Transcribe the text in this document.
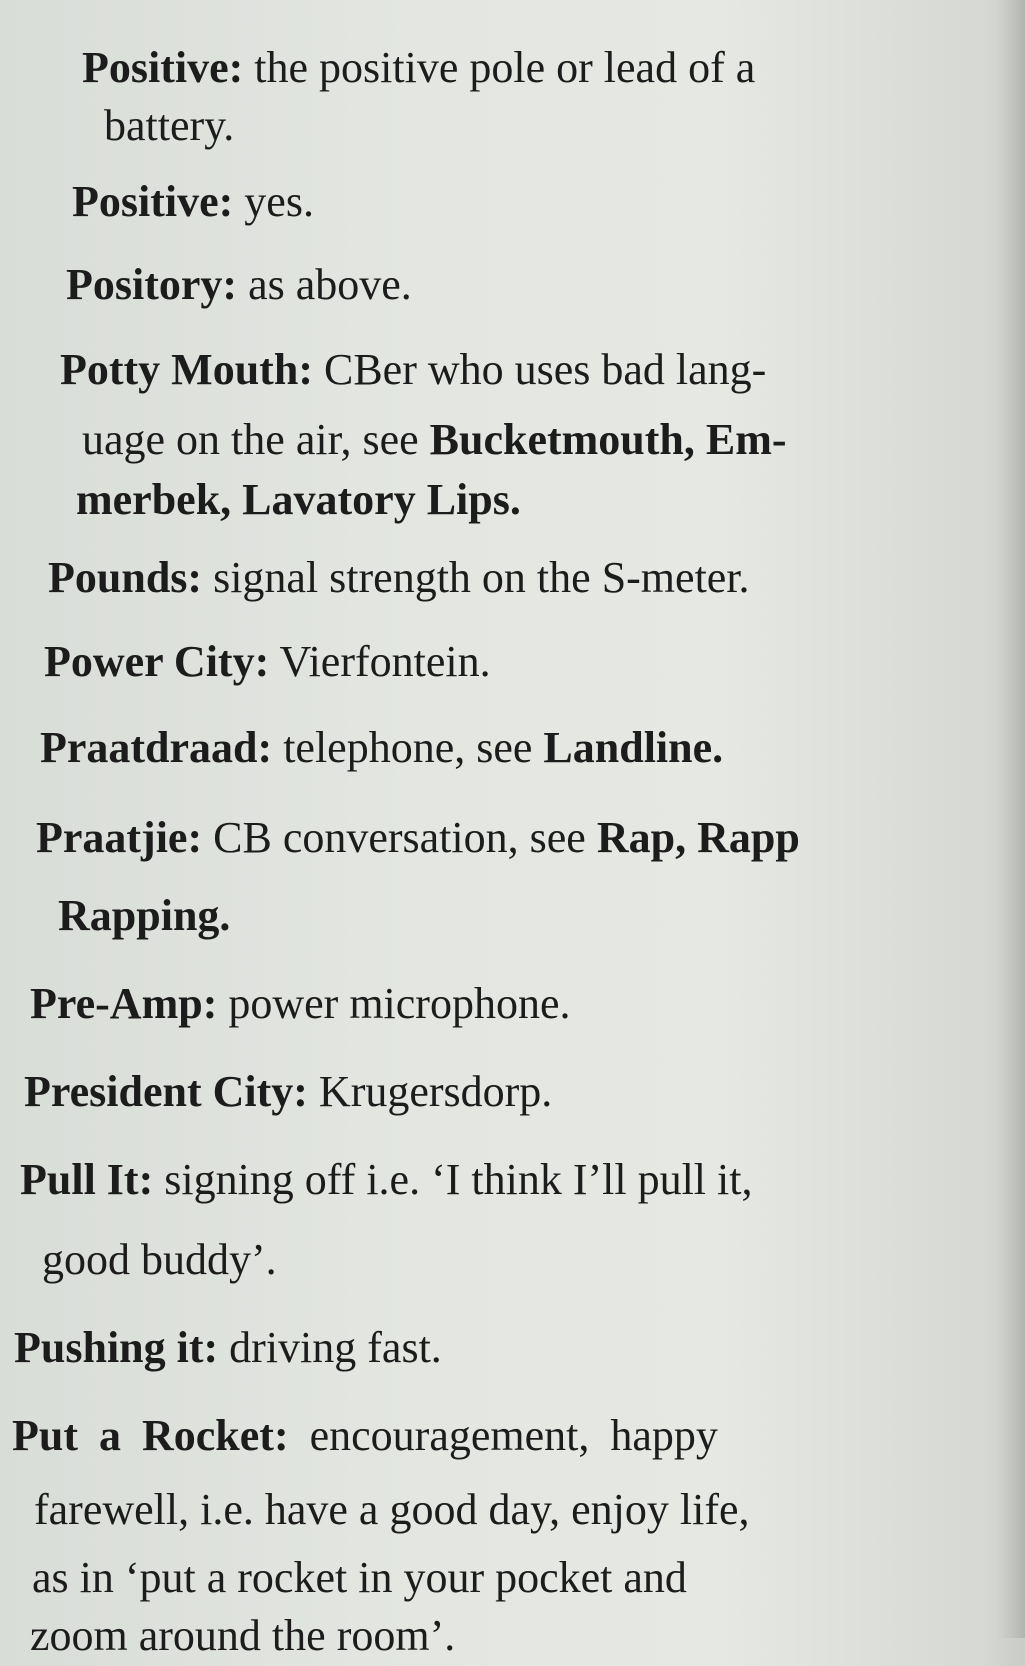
Positive: the positive pole or lead of a
battery.
Positive: yes.
Pository: as above.
Potty Mouth: CBer who uses bad lang-
uage on the air, see Bucketmouth, Em-
merbek, Lavatory Lips.
Pounds: signal strength on the S-meter.
Power City: Vierfontein.
Praatdraad: telephone, see Landline.
Praatjie: CB conversation, see Rap, Rapp
Rapping.
Pre-Amp: power microphone.
President City: Krugersdorp.
Pull It: signing off i.e. ‘I think I’ll pull it,
good buddy’.
Pushing it: driving fast.
Put a Rocket: encouragement, happy
farewell, i.e. have a good day, enjoy life,
as in ‘put a rocket in your pocket and
zoom around the room’.
